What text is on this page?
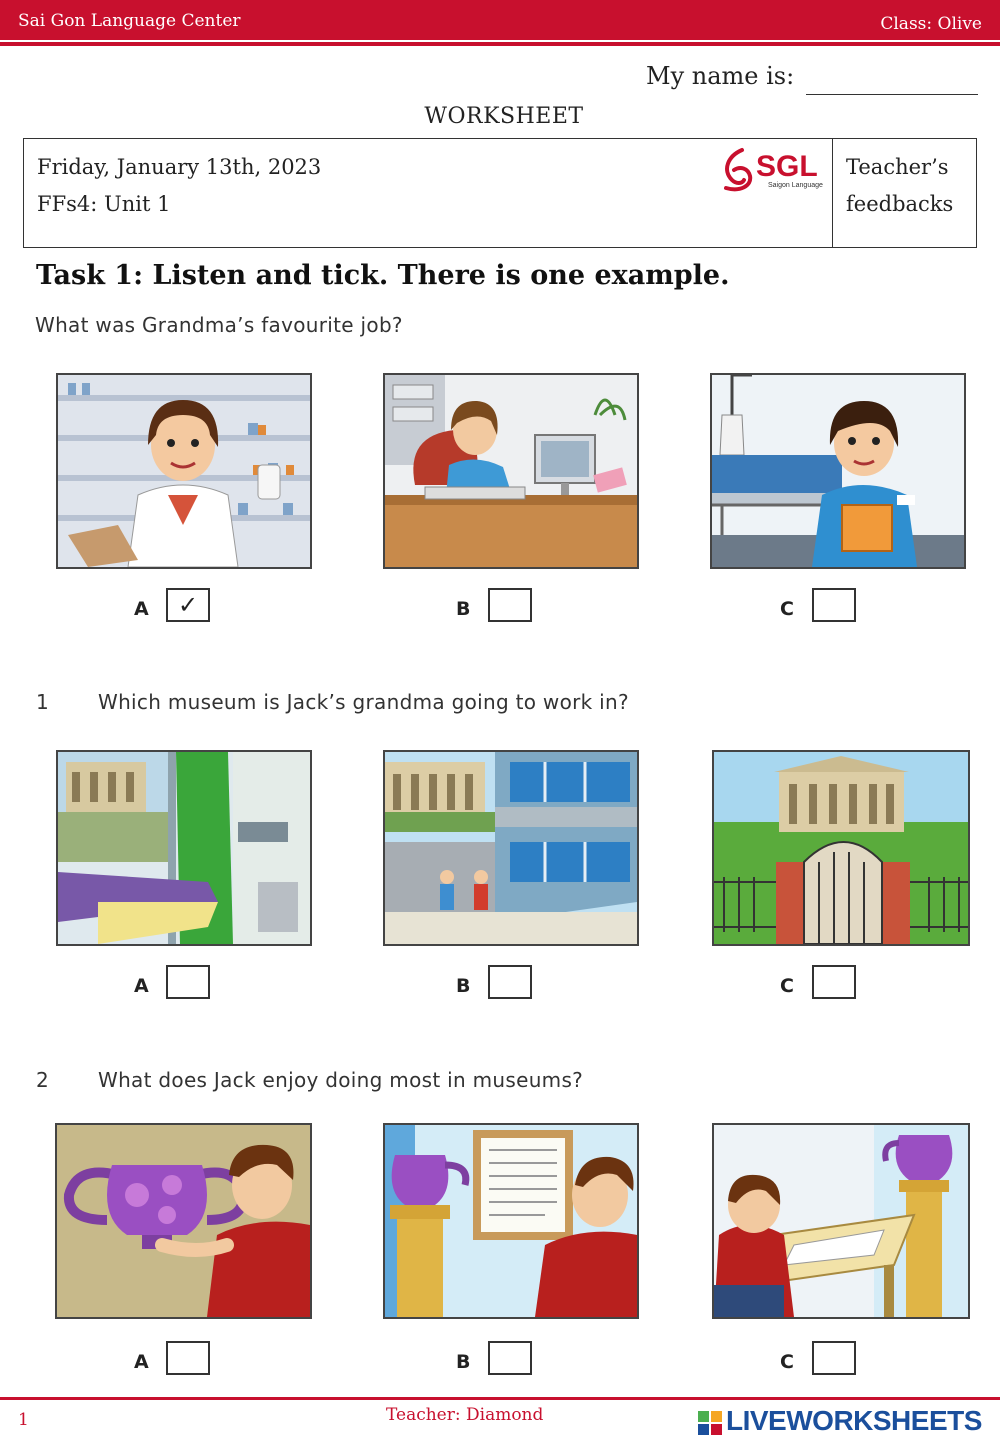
Sai Gon Language Center	Class: Olive
My name is:
WORKSHEET
Friday, January 13th, 2023
FFs4: Unit 1
Teacher’s
feedbacks
SGL
Saigon Language
Task 1: Listen and tick. There is one example.
What was Grandma’s favourite job?
A	✓	B	C
1 Which museum is Jack’s grandma going to work in?
A	B	C
2 What does Jack enjoy doing most in museums?
A	B	C
1	Teacher: Diamond	LIVEWORKSHEETS
